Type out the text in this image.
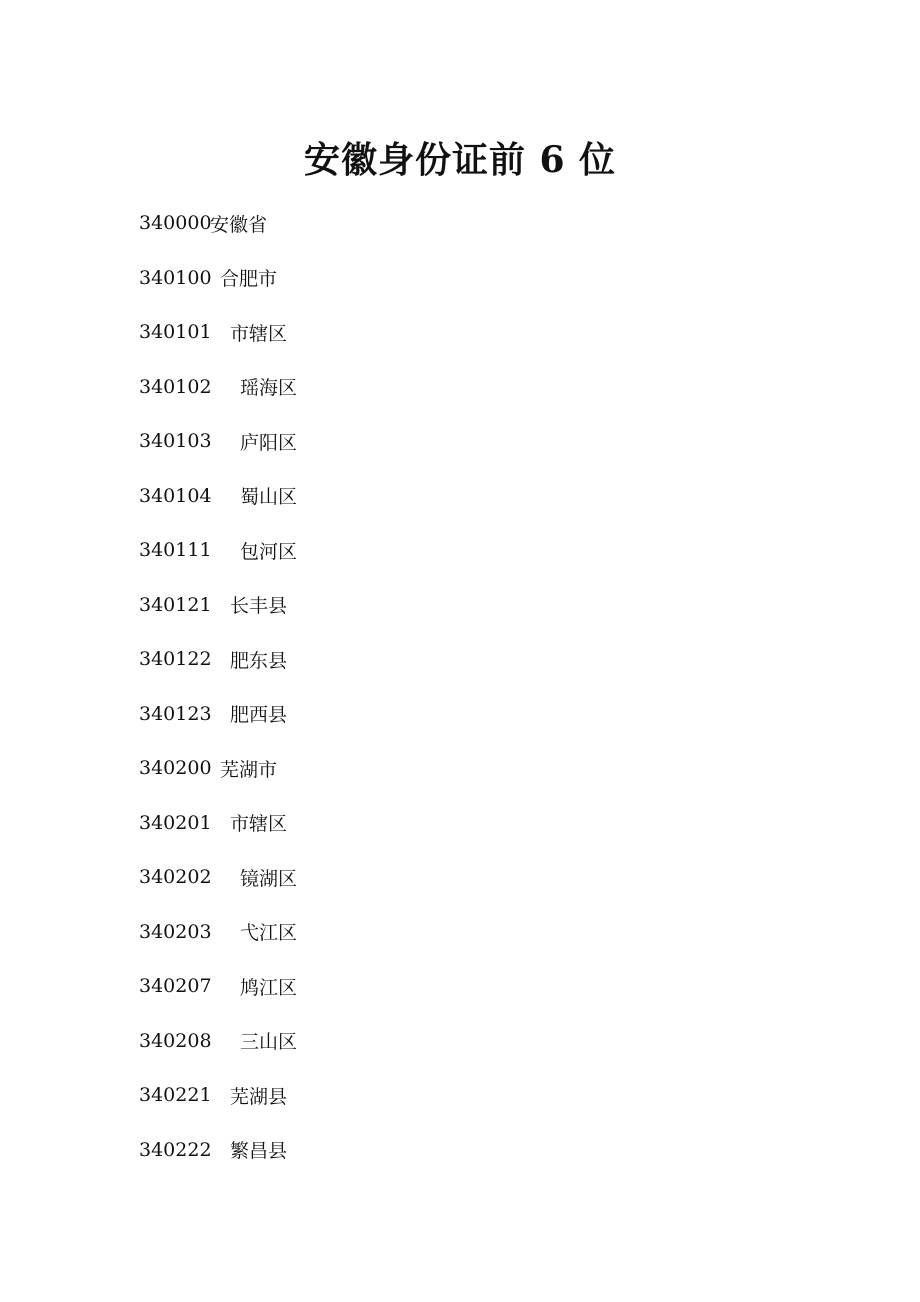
安徽身份证前 6 位
340000
安徽省
340100 合肥市
340101 市辖区
340102 瑶海区
340103 庐阳区
340104 蜀山区
340111 包河区
340121 长丰县
340122 肥东县
340123 肥西县
340200 芜湖市
340201 市辖区
340202 镜湖区
340203 弋江区
340207 鸠江区
340208 三山区
340221 芜湖县
340222 繁昌县
